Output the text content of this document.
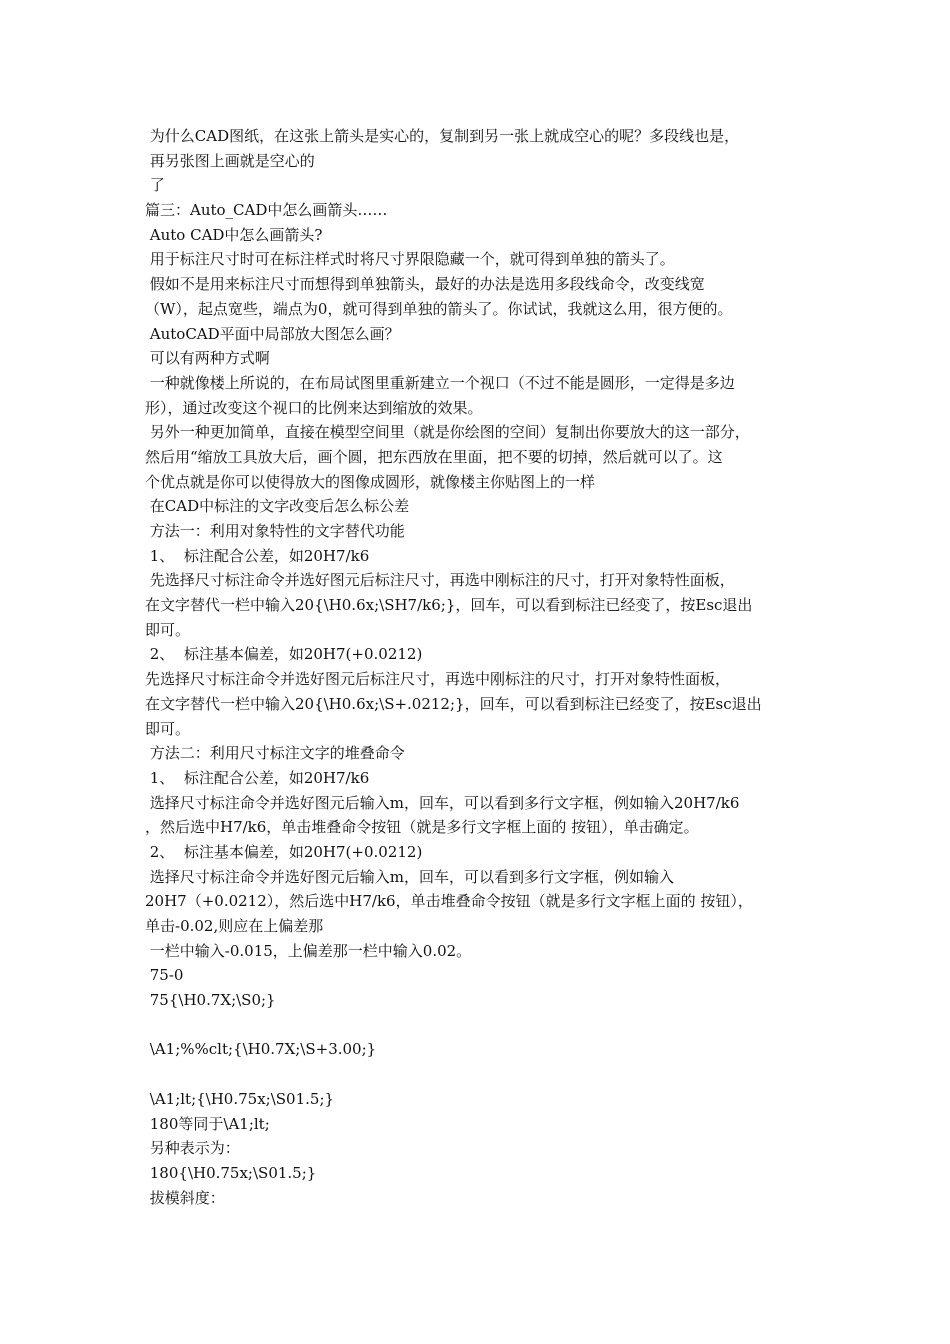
为什么CAD图纸，在这张上箭头是实心的，复制到另一张上就成空心的呢？多段线也是，
再另张图上画就是空心的
了
篇三：Auto_CAD中怎么画箭头……
Auto CAD中怎么画箭头?
用于标注尺寸时可在标注样式时将尺寸界限隐藏一个，就可得到单独的箭头了。
假如不是用来标注尺寸而想得到单独箭头，最好的办法是选用多段线命令，改变线宽
（W），起点宽些，端点为0，就可得到单独的箭头了。你试试，我就这么用，很方便的。
AutoCAD平面中局部放大图怎么画？
可以有两种方式啊
一种就像楼上所说的，在布局试图里重新建立一个视口（不过不能是圆形，一定得是多边
形），通过改变这个视口的比例来达到缩放的效果。
另外一种更加简单，直接在模型空间里（就是你绘图的空间）复制出你要放大的这一部分，
然后用“缩放工具放大后，画个圆，把东西放在里面，把不要的切掉，然后就可以了。这
个优点就是你可以使得放大的图像成圆形，就像楼主你贴图上的一样
在CAD中标注的文字改变后怎么标公差
方法一：利用对象特性的文字替代功能
1、  标注配合公差，如20H7/k6
先选择尺寸标注命令并选好图元后标注尺寸，再选中刚标注的尺寸，打开对象特性面板，
在文字替代一栏中输入20{\H0.6x;\SH7/k6;}，回车，可以看到标注已经变了，按Esc退出
即可。
2、  标注基本偏差，如20H7(+0.0212)
先选择尺寸标注命令并选好图元后标注尺寸，再选中刚标注的尺寸，打开对象特性面板，
在文字替代一栏中输入20{\H0.6x;\S+.0212;}，回车，可以看到标注已经变了，按Esc退出
即可。
方法二：利用尺寸标注文字的堆叠命令
1、  标注配合公差，如20H7/k6
选择尺寸标注命令并选好图元后输入m，回车，可以看到多行文字框，例如输入20H7/k6
，然后选中H7/k6，单击堆叠命令按钮（就是多行文字框上面的 按钮），单击确定。
2、  标注基本偏差，如20H7(+0.0212)
选择尺寸标注命令并选好图元后输入m，回车，可以看到多行文字框，例如输入
20H7（+0.0212），然后选中H7/k6，单击堆叠命令按钮（就是多行文字框上面的 按钮），
单击-0.02,则应在上偏差那
一栏中输入-0.015，上偏差那一栏中输入0.02。
75-0
75{\H0.7X;\S0;}
\A1;%%clt;{\H0.7X;\S+3.00;}
\A1;lt;{\H0.75x;\S01.5;}
180等同于\A1;lt;
另种表示为：
180{\H0.75x;\S01.5;}
拔模斜度：
